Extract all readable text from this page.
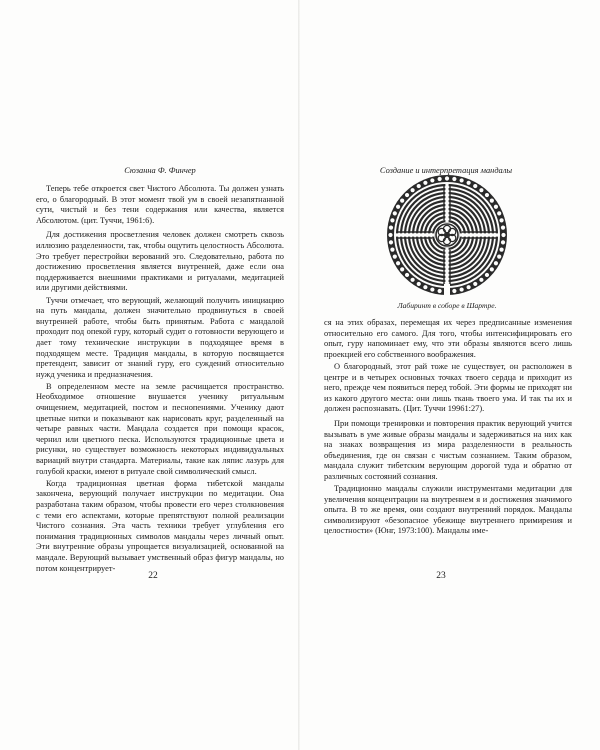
Сюзанна Ф. Финчер

Теперь тебе откроется свет Чистого Абсолюта. Ты должен узнать его, о благородный. В этот момент твой ум в своей незапятнанной сути, чистый и без тени содержания или качества, является Абсолютом. (цит. Туччи, 1961:6).

Для достижения просветления человек должен смотреть сквозь иллюзию разделенности, так, чтобы ощутить целостность Абсолюта. Это требует перестройки верований эго. Следовательно, работа по достижению просветления является внутренней, даже если она поддерживается внешними практиками и ритуалами, медитацией или другими действиями.

Туччи отмечает, что верующий, желающий получить инициацию на путь мандалы, должен значительно продвинуться в своей внутренней работе, чтобы быть принятым. Работа с мандалой проходит под опекой гуру, который судит о готовности верующего и дает тому технические инструкции в подходящее время в подходящем месте. Традиция мандалы, в которую посвящается претендент, зависит от знаний гуру, его суждений относительно нужд ученика и предназначения.

В определенном месте на земле расчищается пространство. Необходимое отношение внушается ученику ритуальным очищением, медитацией, постом и песнопениями. Ученику дают цветные нитки и показывают как нарисовать круг, разделенный на четыре равных части. Мандала создается при помощи красок, чернил или цветного песка. Используются традиционные цвета и рисунки, но существует возможность некоторых индивидуальных вариаций внутри стандарта. Материалы, такие как ляпис лазурь для голубой краски, имеют в ритуале свой символический смысл.

Когда традиционная цветная форма тибетской мандалы закончена, верующий получает инструкции по медитации. Она разработана таким образом, чтобы провести его через столкновения с теми его аспектами, которые препятствуют полной реализации Чистого сознания. Эта часть техники требует углубления его понимания традиционных символов мандалы через личный опыт. Эти внутренние образы упрощается визуализацией, основанной на мандале. Верующий вызывает умственный образ фигур мандалы, но потом концентрирует-

22
Создание и интерпретация мандалы
Лабиринт в соборе в Шартре.

ся на этих образах, перемещая их через предписанные изменения относительно его самого. Для того, чтобы интенсифицировать его опыт, гуру напоминает ему, что эти образы являются всего лишь проекцией его собственного воображения.

О благородный, этот рай тоже не существует, он расположен в центре и в четырех основных точках твоего сердца и приходит из него, прежде чем появиться перед тобой. Эти формы не приходят ни из какого другого места: они лишь ткань твоего ума. И так ты их и должен распознавать. (Цит. Туччи 19961:27).

При помощи тренировки и повторения практик верующий учится вызывать в уме живые образы мандалы и задерживаться на них как на знаках возвращения из мира разделенности в реальность объединения, где он связан с чистым сознанием. Таким образом, мандала служит тибетским верующим дорогой туда и обратно от различных состояний сознания.

Традиционно мандалы служили инструментами медитации для увеличения концентрации на внутреннем я и достижения значимого опыта. В то же время, они создают внутренний порядок. Мандалы символизируют «безопасное убежище внутреннего примирения и целостности» (Юнг, 1973:100). Мандалы име-

23
